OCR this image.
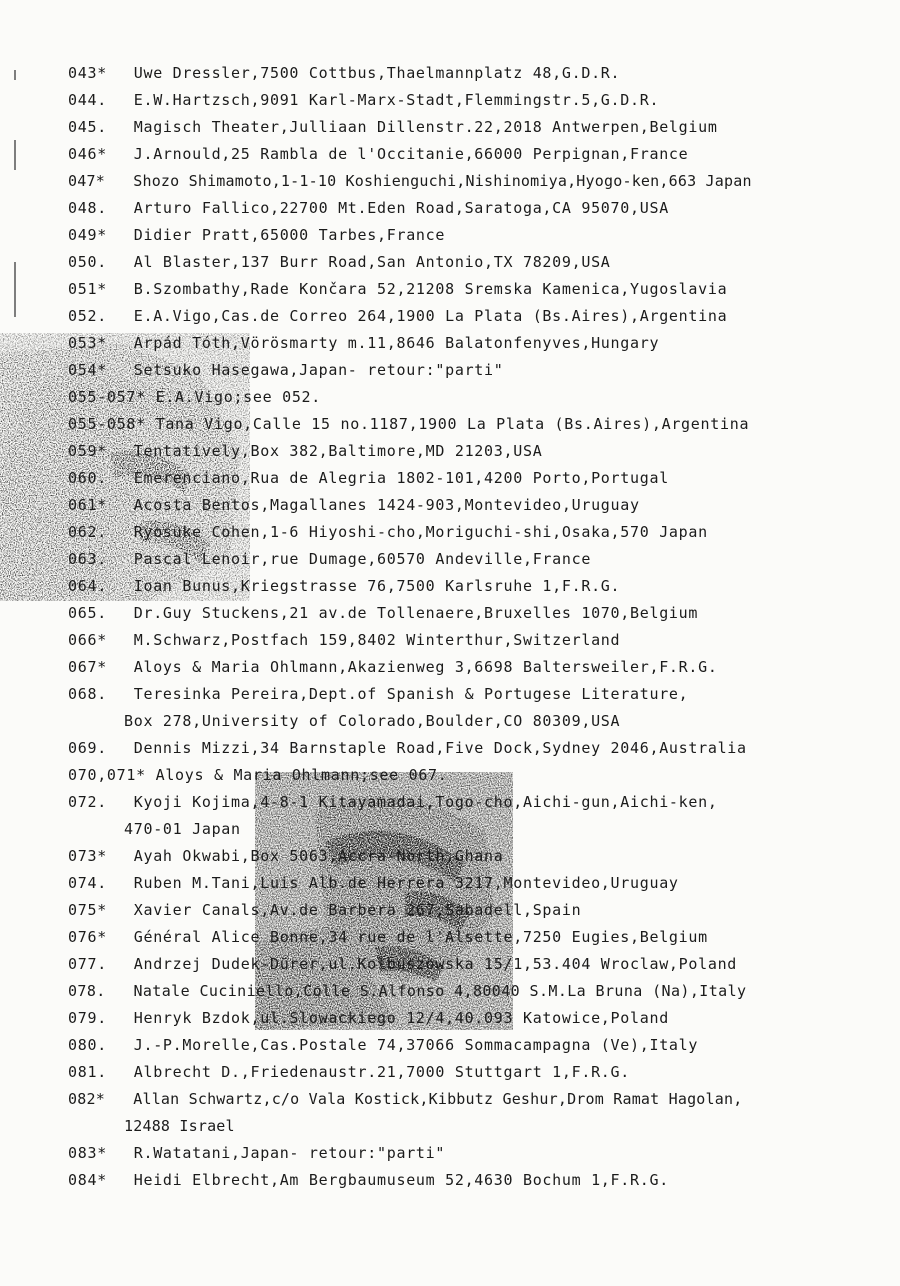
043* Uwe Dressler,7500 Cottbus,Thaelmannplatz 48,G.D.R.
044. E.W.Hartzsch,9091 Karl-Marx-Stadt,Flemmingstr.5,G.D.R.
045. Magisch Theater,Julliaan Dillenstr.22,2018 Antwerpen,Belgium
046* J.Arnould,25 Rambla de l'Occitanie,66000 Perpignan,France
047* Shozo Shimamoto,1-1-10 Koshienguchi,Nishinomiya,Hyogo-ken,663 Japan
048. Arturo Fallico,22700 Mt.Eden Road,Saratoga,CA 95070,USA
049* Didier Pratt,65000 Tarbes,France
050. Al Blaster,137 Burr Road,San Antonio,TX 78209,USA
051* B.Szombathy,Rade Končara 52,21208 Sremska Kamenica,Yugoslavia
052. E.A.Vigo,Cas.de Correo 264,1900 La Plata (Bs.Aires),Argentina
053* Arpád Tóth,Vörösmarty m.11,8646 Balatonfenyves,Hungary
054* Setsuko Hasegawa,Japan- retour:"parti"
055-057* E.A.Vigo;see 052.
055-058* Tana Vigo,Calle 15 no.1187,1900 La Plata (Bs.Aires),Argentina
059* Tentatively,Box 382,Baltimore,MD 21203,USA
060. Emerenciano,Rua de Alegria 1802-101,4200 Porto,Portugal
061* Acosta Bentos,Magallanes 1424-903,Montevideo,Uruguay
062. Ryosuke Cohen,1-6 Hiyoshi-cho,Moriguchi-shi,Osaka,570 Japan
063. Pascal Lenoir,rue Dumage,60570 Andeville,France
064. Ioan Bunus,Kriegstrasse 76,7500 Karlsruhe 1,F.R.G.
065. Dr.Guy Stuckens,21 av.de Tollenaere,Bruxelles 1070,Belgium
066* M.Schwarz,Postfach 159,8402 Winterthur,Switzerland
067* Aloys & Maria Ohlmann,Akazienweg 3,6698 Baltersweiler,F.R.G.
068. Teresinka Pereira,Dept.of Spanish & Portugese Literature,
Box 278,University of Colorado,Boulder,CO 80309,USA
069. Dennis Mizzi,34 Barnstaple Road,Five Dock,Sydney 2046,Australia
070,071* Aloys & Maria Ohlmann;see 067.
072. Kyoji Kojima,4-8-1 Kitayamadai,Togo-cho,Aichi-gun,Aichi-ken,
470-01 Japan
073* Ayah Okwabi,Box 5063,Accra-North,Ghana
074. Ruben M.Tani,Luis Alb.de Herrera 3217,Montevideo,Uruguay
075* Xavier Canals,Av.de Barbera 267,Sabadell,Spain
076* Général Alice Bonne,34 rue de l'Alsette,7250 Eugies,Belgium
077. Andrzej Dudek-Dürer,ul.Kolbuszowska 15/1,53.404 Wroclaw,Poland
078. Natale Cuciniello,Colle S.Alfonso 4,80040 S.M.La Bruna (Na),Italy
079. Henryk Bzdok,ul.Slowackiego 12/4,40.093 Katowice,Poland
080. J.-P.Morelle,Cas.Postale 74,37066 Sommacampagna (Ve),Italy
081. Albrecht D.,Friedenaustr.21,7000 Stuttgart 1,F.R.G.
082* Allan Schwartz,c/o Vala Kostick,Kibbutz Geshur,Drom Ramat Hagolan,
12488 Israel
083* R.Watatani,Japan- retour:"parti"
084* Heidi Elbrecht,Am Bergbaumuseum 52,4630 Bochum 1,F.R.G.
